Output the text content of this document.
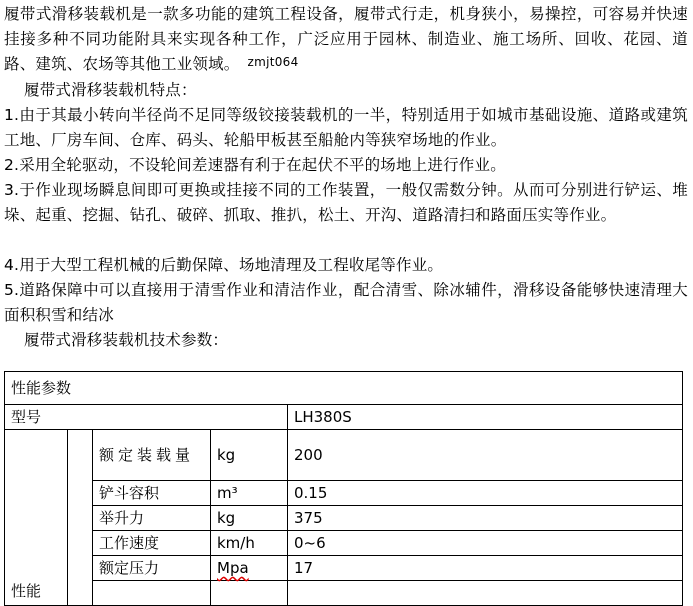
履带式滑移装载机是一款多功能的建筑工程设备，履带式行走，机身狭小，易操控，可容易并快速挂接多种不同功能附具来实现各种工作，广泛应用于园林、制造业、施工场所、回收、花园、道路、建筑、农场等其他工业领域。 zmjt064
履带式滑移装载机特点：
1.由于其最小转向半径尚不足同等级铰接装载机的一半，特别适用于如城市基础设施、道路或建筑工地、厂房车间、仓库、码头、轮船甲板甚至船舱内等狭窄场地的作业。
2.采用全轮驱动，不设轮间差速器有利于在起伏不平的场地上进行作业。
3.于作业现场瞬息间即可更换或挂接不同的工作装置，一般仅需数分钟。从而可分别进行铲运、堆垛、起重、挖掘、钻孔、破碎、抓取、推扒，松土、开沟、道路清扫和路面压实等作业。
4.用于大型工程机械的后勤保障、场地清理及工程收尾等作业。
5.道路保障中可以直接用于清雪作业和清洁作业，配合清雪、除冰辅件，滑移设备能够快速清理大面积积雪和结冰
履带式滑移装载机技术参数：
性能参数				
型号				LH380S
性能		额定装载量	kg	200
		铲斗容积	m³	0.15
		举升力	kg	375
		工作速度	km/h	0~6
		额定压力	Mpa	17
